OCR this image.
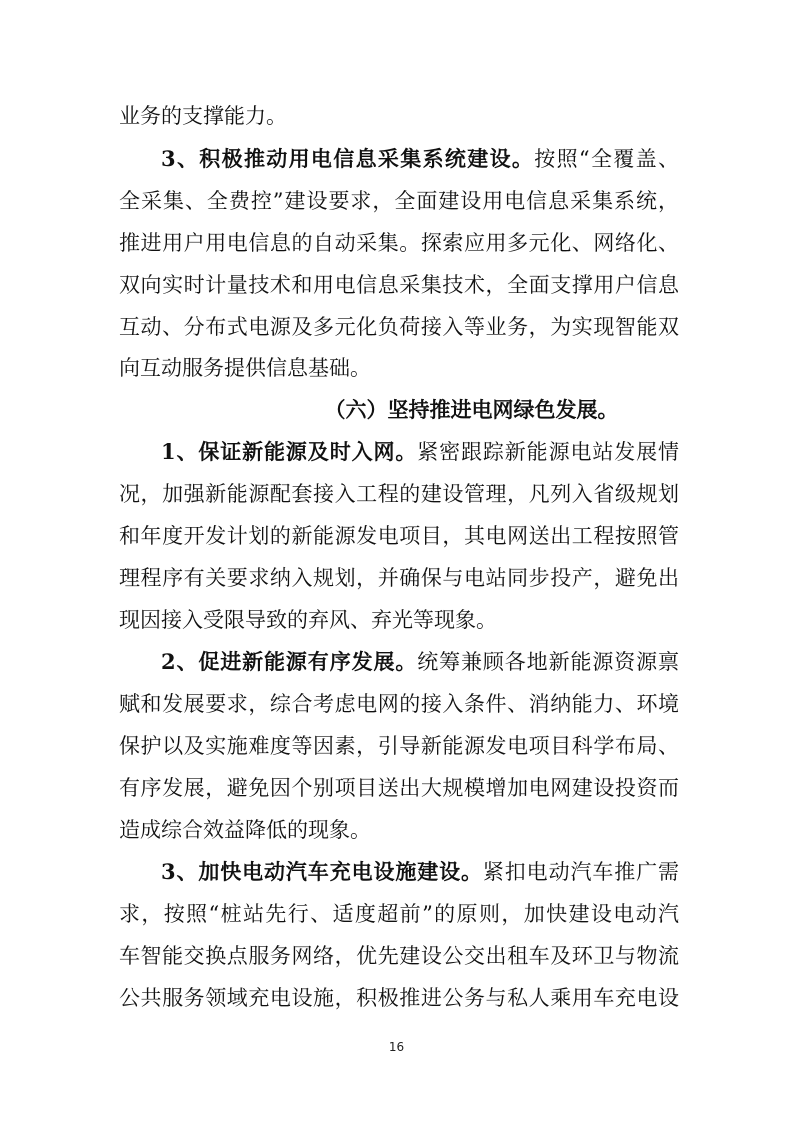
业务的支撑能力。
3、积极推动用电信息采集系统建设。按照“全覆盖、
全采集、全费控”建设要求，全面建设用电信息采集系统，
推进用户用电信息的自动采集。探索应用多元化、网络化、
双向实时计量技术和用电信息采集技术，全面支撑用户信息
互动、分布式电源及多元化负荷接入等业务，为实现智能双
向互动服务提供信息基础。
（六）坚持推进电网绿色发展。
1、保证新能源及时入网。紧密跟踪新能源电站发展情
况，加强新能源配套接入工程的建设管理，凡列入省级规划
和年度开发计划的新能源发电项目，其电网送出工程按照管
理程序有关要求纳入规划，并确保与电站同步投产，避免出
现因接入受限导致的弃风、弃光等现象。
2、促进新能源有序发展。统筹兼顾各地新能源资源禀
赋和发展要求，综合考虑电网的接入条件、消纳能力、环境
保护以及实施难度等因素，引导新能源发电项目科学布局、
有序发展，避免因个别项目送出大规模增加电网建设投资而
造成综合效益降低的现象。
3、加快电动汽车充电设施建设。紧扣电动汽车推广需
求，按照“桩站先行、适度超前”的原则，加快建设电动汽
车智能交换点服务网络，优先建设公交出租车及环卫与物流
公共服务领域充电设施，积极推进公务与私人乘用车充电设
16
